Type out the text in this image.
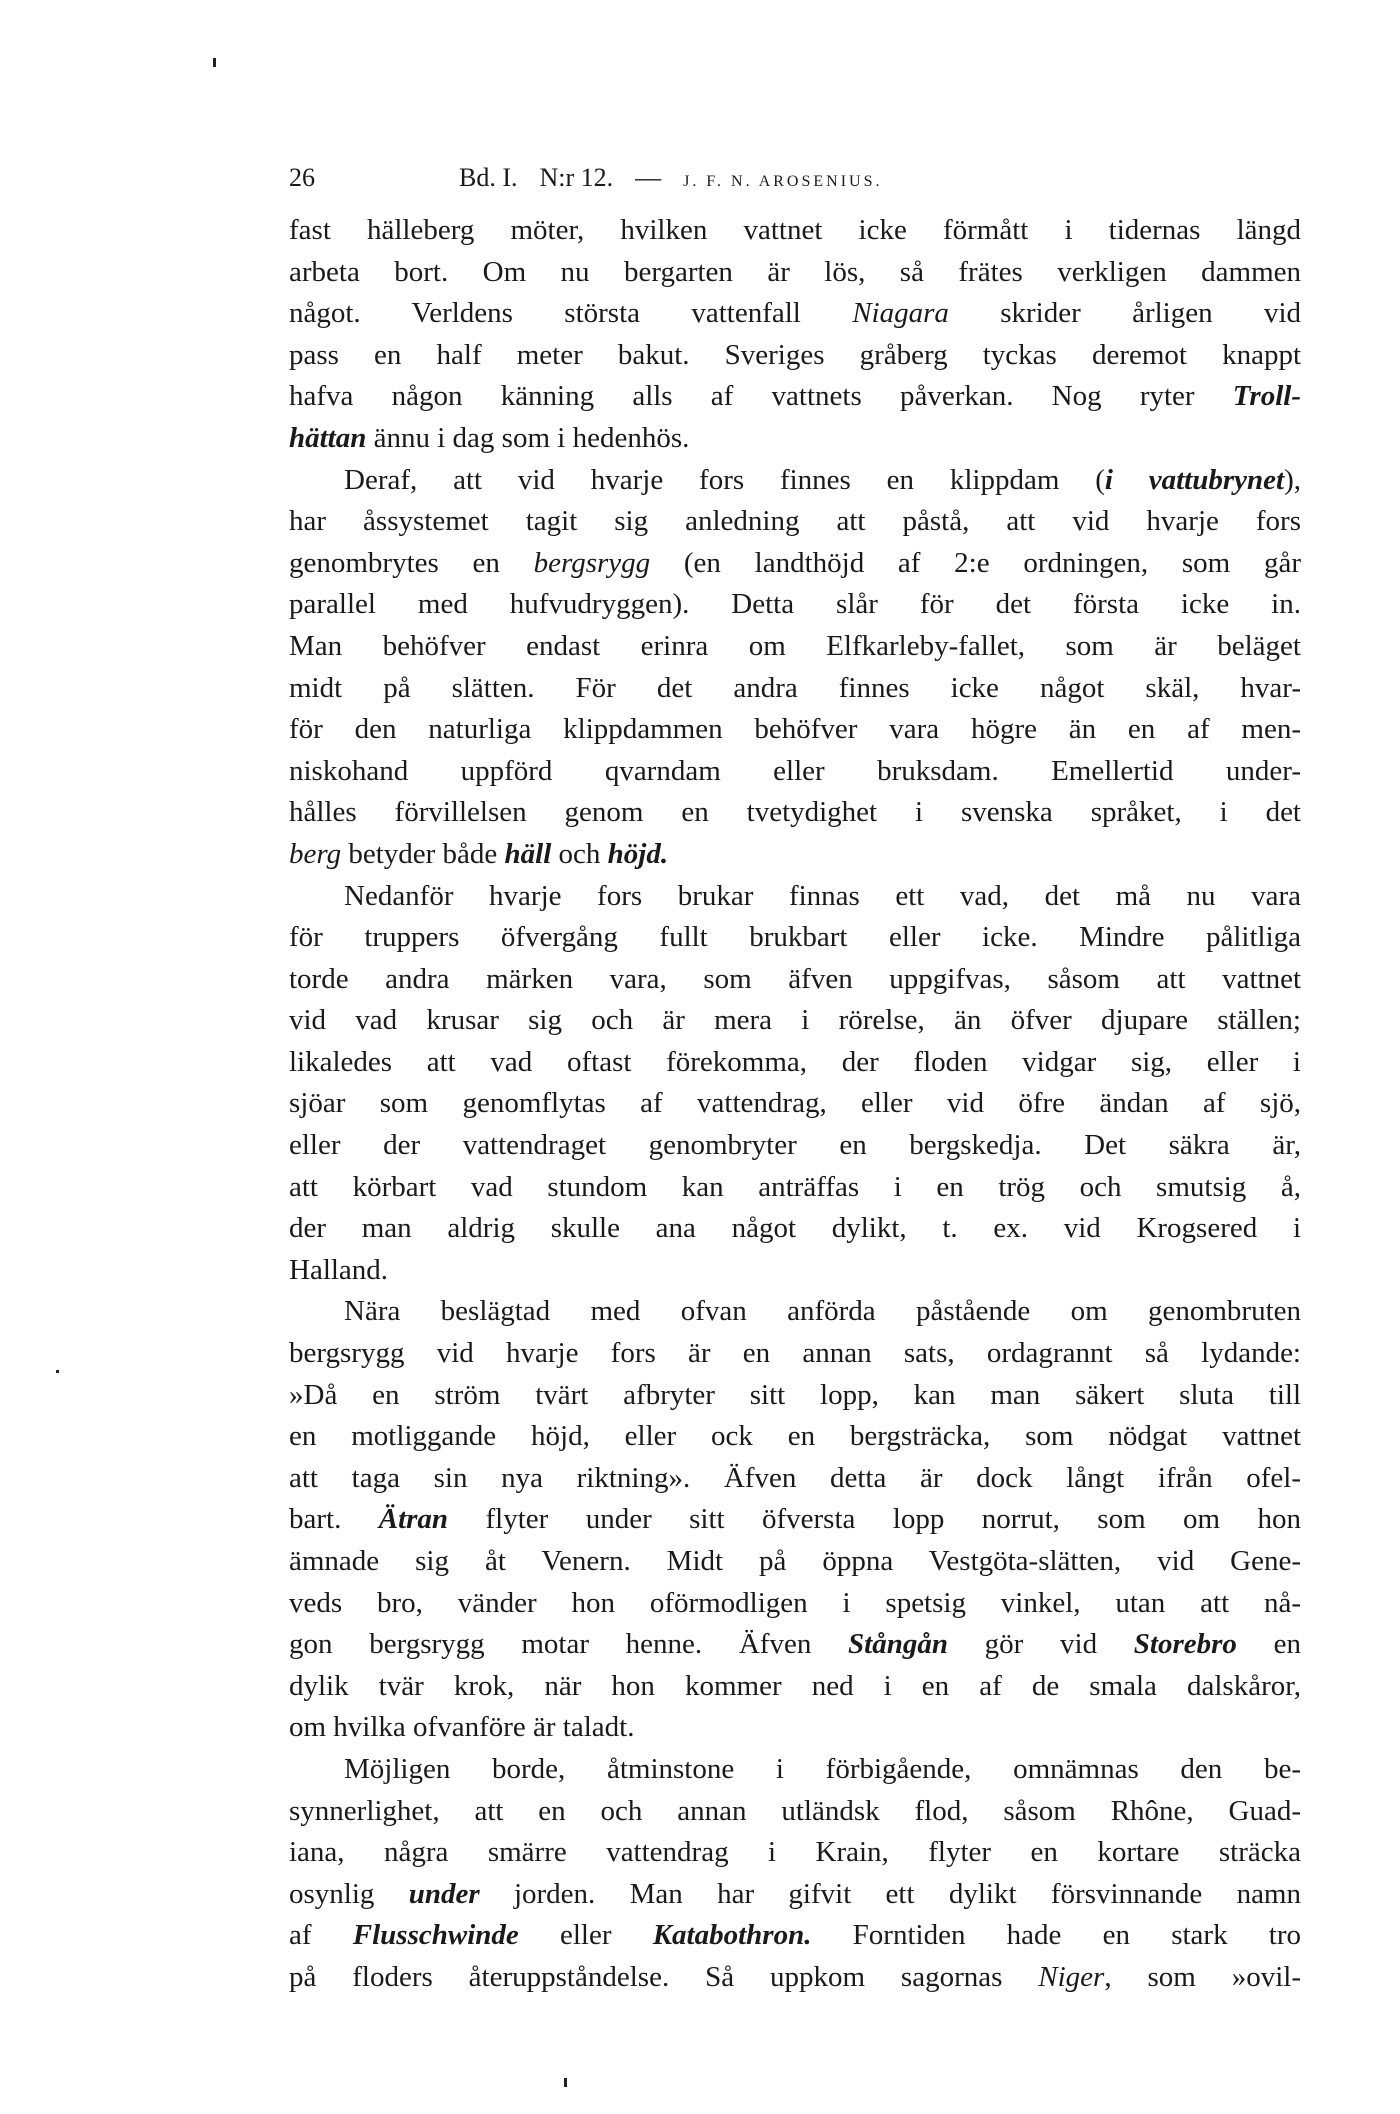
26	Bd. I. N:r 12. — J. F. N. AROSENIUS.
fast hälleberg möter, hvilken vattnet icke förmått i tidernas längd
arbeta bort. Om nu bergarten är lös, så frätes verkligen dammen
något. Verldens största vattenfall Niagara skrider årligen vid
pass en half meter bakut. Sveriges gråberg tyckas deremot knappt
hafva någon känning alls af vattnets påverkan. Nog ryter Troll-
hättan ännu i dag som i hedenhös.
Deraf, att vid hvarje fors finnes en klippdam (i vattubrynet),
har åssystemet tagit sig anledning att påstå, att vid hvarje fors
genombrytes en bergsrygg (en landthöjd af 2:e ordningen, som går
parallel med hufvudryggen). Detta slår för det första icke in.
Man behöfver endast erinra om Elfkarleby-fallet, som är beläget
midt på slätten. För det andra finnes icke något skäl, hvar-
för den naturliga klippdammen behöfver vara högre än en af men-
niskohand uppförd qvarndam eller bruksdam. Emellertid under-
hålles förvillelsen genom en tvetydighet i svenska språket, i det
berg betyder både häll och höjd.
Nedanför hvarje fors brukar finnas ett vad, det må nu vara
för truppers öfvergång fullt brukbart eller icke. Mindre pålitliga
torde andra märken vara, som äfven uppgifvas, såsom att vattnet
vid vad krusar sig och är mera i rörelse, än öfver djupare ställen;
likaledes att vad oftast förekomma, der floden vidgar sig, eller i
sjöar som genomflytas af vattendrag, eller vid öfre ändan af sjö,
eller der vattendraget genombryter en bergskedja. Det säkra är,
att körbart vad stundom kan anträffas i en trög och smutsig å,
der man aldrig skulle ana något dylikt, t. ex. vid Krogsered i
Halland.
Nära beslägtad med ofvan anförda påstående om genombruten
bergsrygg vid hvarje fors är en annan sats, ordagrannt så lydande:
»Då en ström tvärt afbryter sitt lopp, kan man säkert sluta till
en motliggande höjd, eller ock en bergsträcka, som nödgat vattnet
att taga sin nya riktning». Äfven detta är dock långt ifrån ofel-
bart. Ätran flyter under sitt öfversta lopp norrut, som om hon
ämnade sig åt Venern. Midt på öppna Vestgöta-slätten, vid Gene-
veds bro, vänder hon oförmodligen i spetsig vinkel, utan att nå-
gon bergsrygg motar henne. Äfven Stångån gör vid Storebro en
dylik tvär krok, när hon kommer ned i en af de smala dalskåror,
om hvilka ofvanföre är taladt.
Möjligen borde, åtminstone i förbigående, omnämnas den be-
synnerlighet, att en och annan utländsk flod, såsom Rhône, Guad-
iana, några smärre vattendrag i Krain, flyter en kortare sträcka
osynlig under jorden. Man har gifvit ett dylikt försvinnande namn
af Flusschwinde eller Katabothron. Forntiden hade en stark tro
på floders återuppståndelse. Så uppkom sagornas Niger, som »ovil-
